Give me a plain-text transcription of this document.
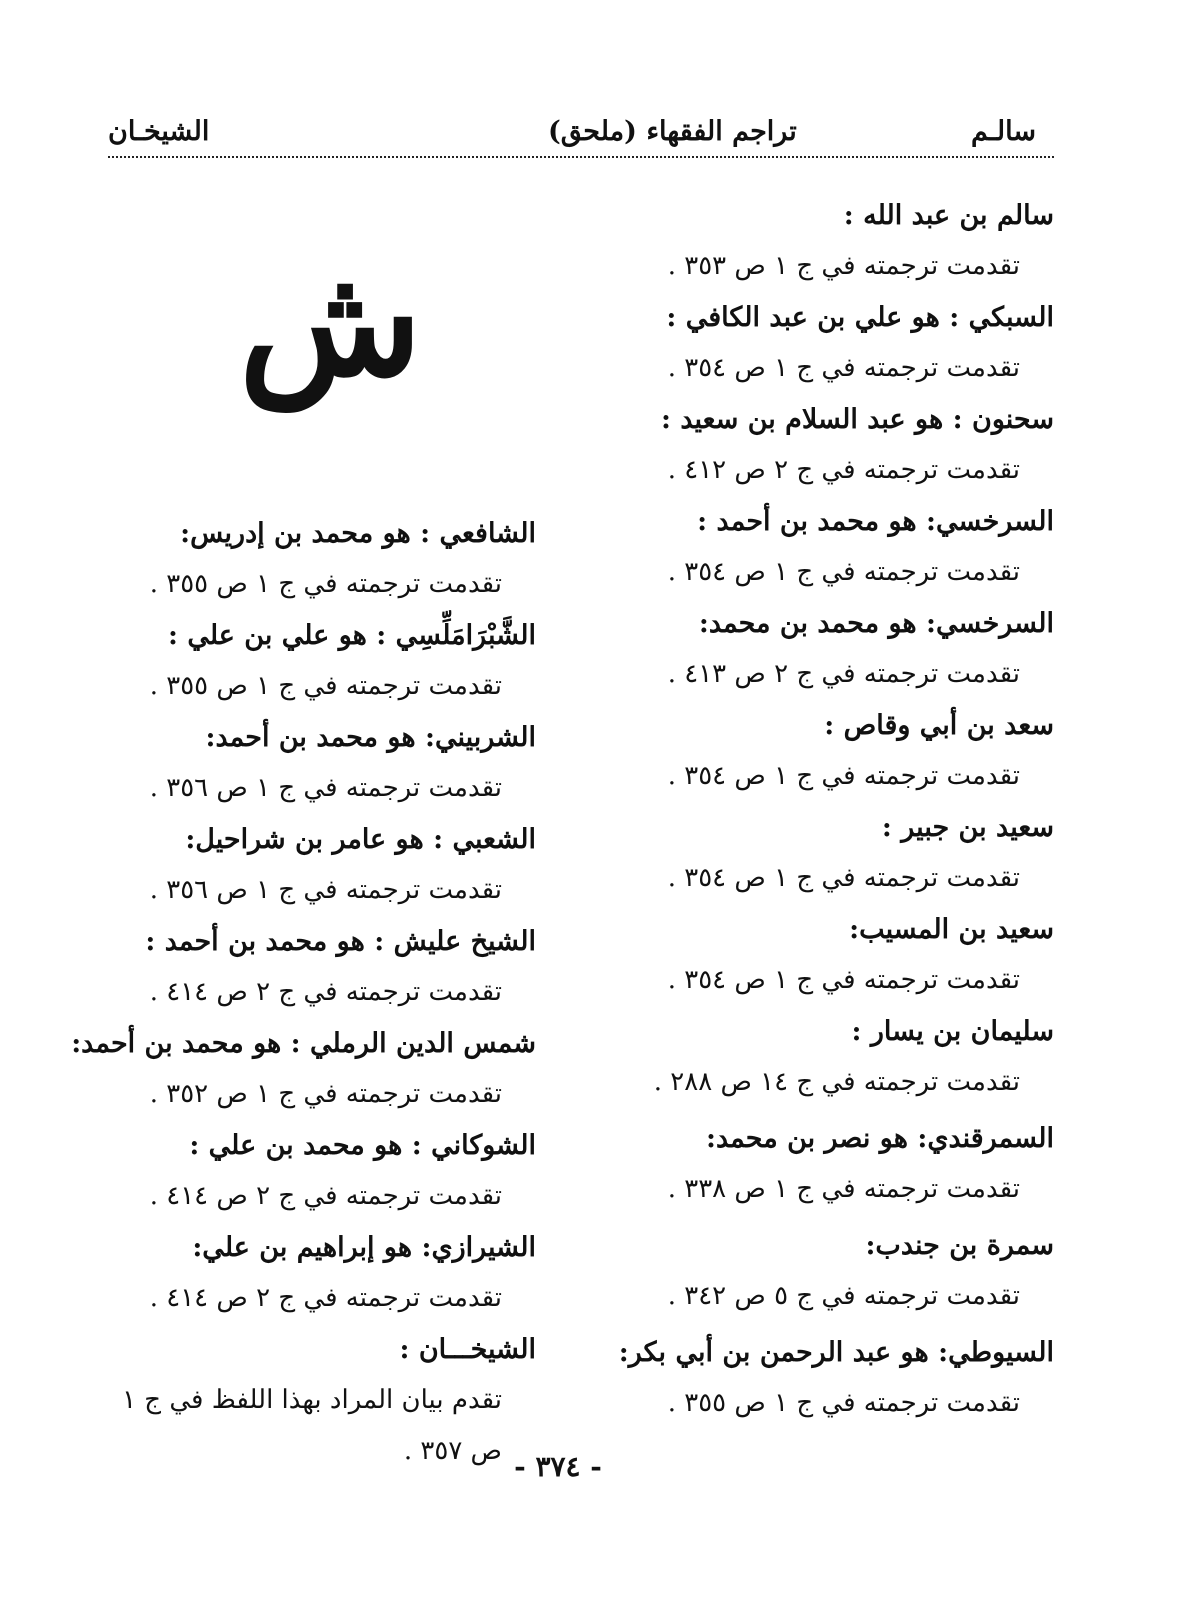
سالـم
(ملحق) تراجم الفقهاء
الشيخـان
ش
سالم بن عبد الله :
تقدمت ترجمته في ج ١ ص ٣٥٣ .
السبكي : هو علي بن عبد الكافي :
تقدمت ترجمته في ج ١ ص ٣٥٤ .
سحنون : هو عبد السلام بن سعيد :
تقدمت ترجمته في ج ٢ ص ٤١٢ .
السرخسي: هو محمد بن أحمد :
تقدمت ترجمته في ج ١ ص ٣٥٤ .
السرخسي: هو محمد بن محمد:
تقدمت ترجمته في ج ٢ ص ٤١٣ .
سعد بن أبي وقاص :
تقدمت ترجمته في ج ١ ص ٣٥٤ .
سعيد بن جبير :
تقدمت ترجمته في ج ١ ص ٣٥٤ .
سعيد بن المسيب:
تقدمت ترجمته في ج ١ ص ٣٥٤ .
سليمان بن يسار :
تقدمت ترجمته في ج ١٤ ص ٢٨٨ .
السمرقندي: هو نصر بن محمد:
تقدمت ترجمته في ج ١ ص ٣٣٨ .
سمرة بن جندب:
تقدمت ترجمته في ج ٥ ص ٣٤٢ .
السيوطي: هو عبد الرحمن بن أبي بكر:
تقدمت ترجمته في ج ١ ص ٣٥٥ .
الشافعي : هو محمد بن إدريس:
تقدمت ترجمته في ج ١ ص ٣٥٥ .
الشَّبْرَامَلِّسِي : هو علي بن علي :
تقدمت ترجمته في ج ١ ص ٣٥٥ .
الشربيني: هو محمد بن أحمد:
تقدمت ترجمته في ج ١ ص ٣٥٦ .
الشعبي : هو عامر بن شراحيل:
تقدمت ترجمته في ج ١ ص ٣٥٦ .
الشيخ عليش : هو محمد بن أحمد :
تقدمت ترجمته في ج ٢ ص ٤١٤ .
شمس الدين الرملي : هو محمد بن أحمد:
تقدمت ترجمته في ج ١ ص ٣٥٢ .
الشوكاني : هو محمد بن علي :
تقدمت ترجمته في ج ٢ ص ٤١٤ .
الشيرازي: هو إبراهيم بن علي:
تقدمت ترجمته في ج ٢ ص ٤١٤ .
الشيخـــان :
تقدم بيان المراد بهذا اللفظ في ج ١ ص ٣٥٧ . - ٣٧٤ -
